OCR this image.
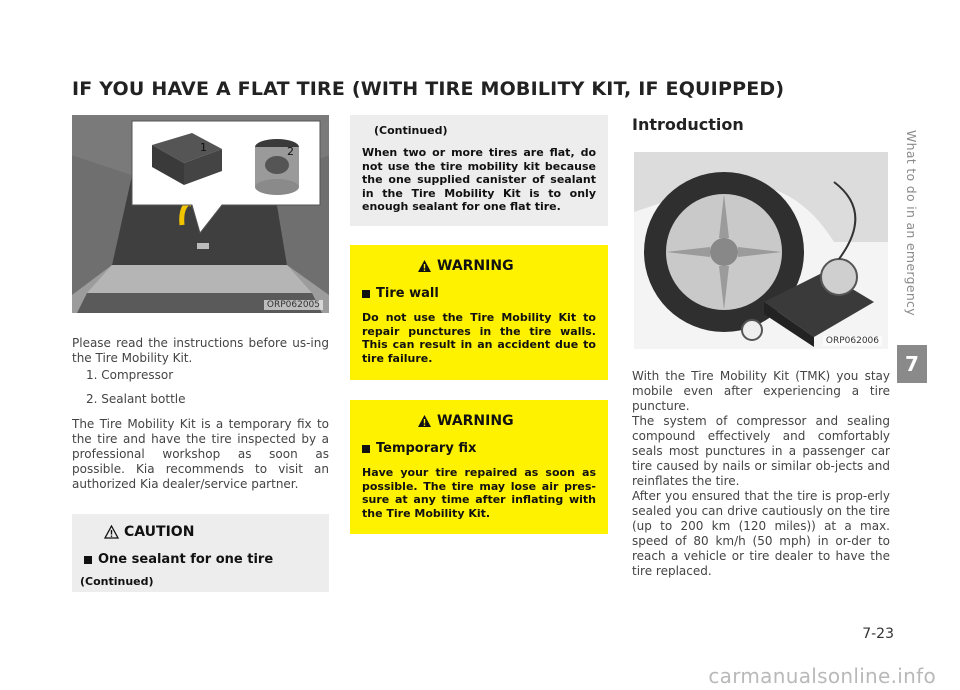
IF YOU HAVE A FLAT TIRE (WITH TIRE MOBILITY KIT, IF EQUIPPED)
1	2
ORP062005

Please read the instructions before us-ing the Tire Mobility Kit.

1. Compressor
2. Sealant bottle

The Tire Mobility Kit is a temporary fix to the tire and have the tire inspected by a professional workshop as soon as possible. Kia recommends to visit an authorized Kia dealer/service partner.

CAUTION
One sealant for one tire

(Continued)

(Continued)

When two or more tires are flat, do not use the tire mobility kit because the one supplied canister of sealant in the Tire Mobility Kit is to only enough sealant for one flat tire.

WARNING
Tire wall

Do not use the Tire Mobility Kit to repair punctures in the tire walls. This can result in an accident due to tire failure.

WARNING
Temporary fix

Have your tire repaired as soon as possible. The tire may lose air pres-sure at any time after inflating with the Tire Mobility Kit.

Introduction
ORP062006

With the Tire Mobility Kit (TMK) you stay mobile even after experiencing a tire puncture.

The system of compressor and sealing compound effectively and comfortably seals most punctures in a passenger car tire caused by nails or similar ob-jects and reinflates the tire.

After you ensured that the tire is prop-erly sealed you can drive cautiously on the tire (up to 200 km (120 miles)) at a max. speed of 80 km/h (50 mph) in or-der to reach a vehicle or tire dealer to have the tire replaced.

What to do in an emergency
7
7-23
carmanualsonline.info
